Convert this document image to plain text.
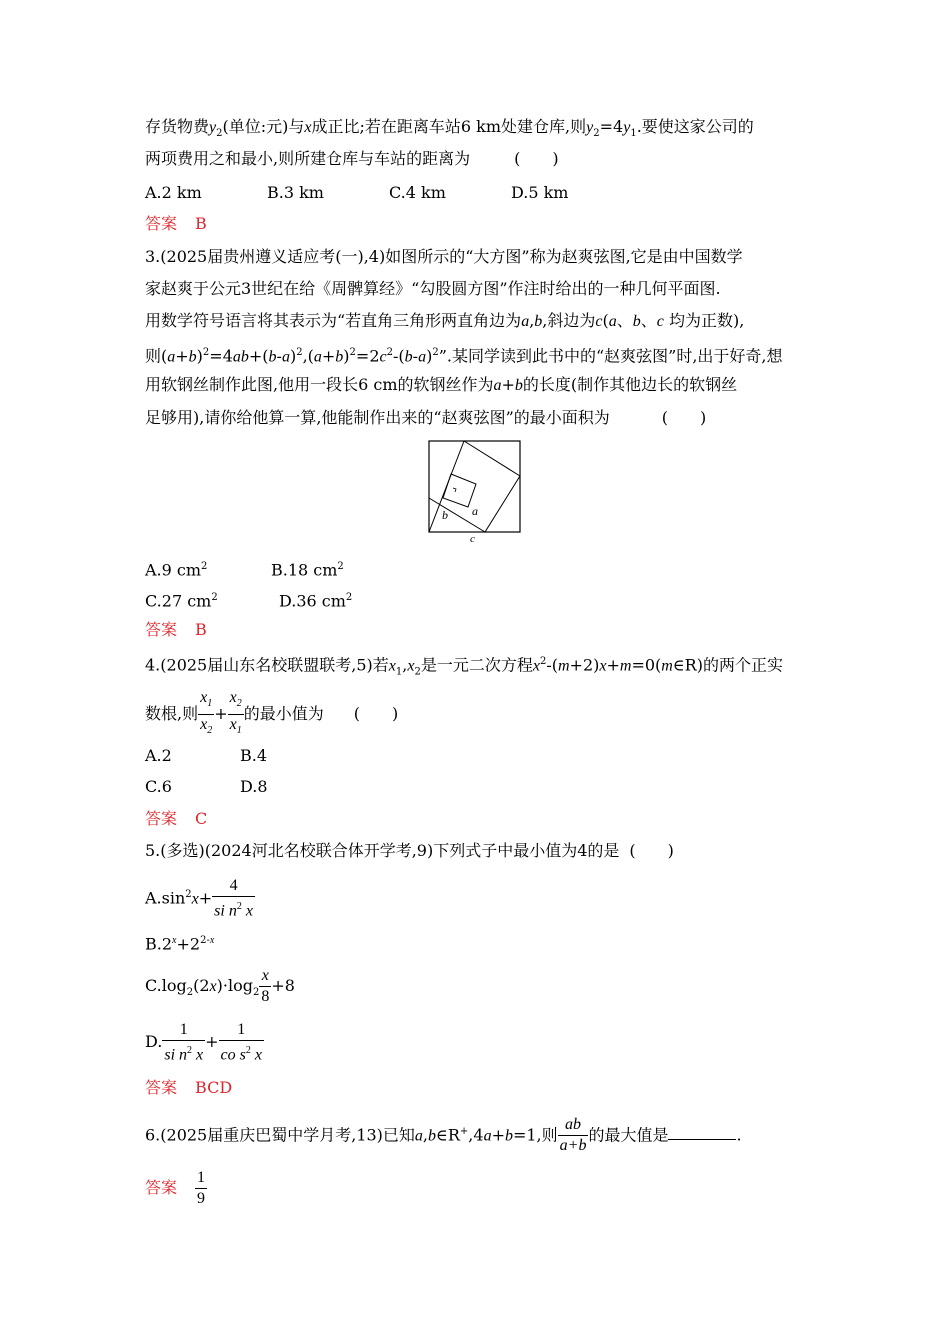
存货物费$y_2$(单位:元)与x成正比;若在距离车站6 km处建仓库,则$y_2=4y_1$.要使这家公司的
两项费用之和最小,则所建仓库与车站的距离为	(　　)
A.2 km	B.3 km	C.4 km	D.5 km
答案 B
3.(2025届贵州遵义适应考(一),4)如图所示的“大方图”称为赵爽弦图,它是由中国数学
家赵爽于公元3世纪在给《周髀算经》“勾股圆方图”作注时给出的一种几何平面图.
用数学符号语言将其表示为“若直角三角形两直角边为a,b,斜边为c(a、b、c 均为正数),
则$(a+b)^2=4ab+(b-a)^2,(a+b)^2=2c^2-(b-a)^2$”.某同学读到此书中的“赵爽弦图”时,出于好奇,想
用软钢丝制作此图,他用一段长6 cm的软钢丝作为a+b的长度(制作其他边长的软钢丝
足够用),请你给他算一算,他能制作出来的“赵爽弦图”的最小面积为	(　　)
b a
c
A.9 $cm^2$	B.18 $cm^2$
C.27 $cm^2$	D.36 $cm^2$
答案 B
4.(2025届山东名校联盟联考,5)若$x_1,x_2$是一元二次方程$x^2-(m+2)x+m=0(m\in R)$的两个正实
数根,则 $\frac{x_1}{x_2} + \frac{x_2}{x_1}$ 的最小值为 (　　)
A.2	B.4
C.6	D.8
答案 C
5.(多选)(2024河北名校联合体开学考,9)下列式子中最小值为4的是 (　　)
$A.\sin^2x+ \frac{4}{si n^2 x}$
$B.2^x+2^{2-x}$
$C.\log_2(2x)\cdot\log_2 \frac{x}{8} +8$
D. $\frac{1}{si n^2 x} + \frac{1}{co s^2 x}$
答案 BCD
6.(2025届重庆巴蜀中学月考,13)已知a,b∈R+,4a+b=1,则 $\frac{ab}{a+b}$ 的最大值是	.
答案 $\frac{1}{9}$
